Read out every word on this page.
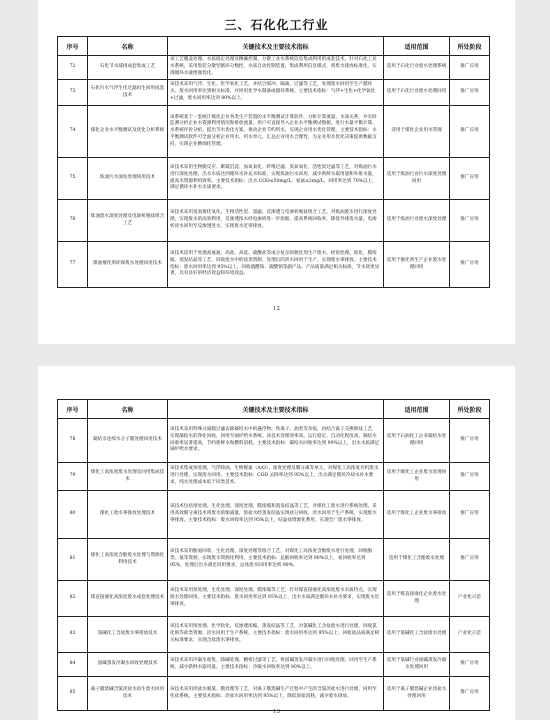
三、石化化工行业
序号	名称	关键技术及主要技术指标	适用范围	所处阶段
72	石化节水减排成套集成工艺	该工艺覆盖处理、水质稳定处理及精确控制，分散工业水系统信息集成利用的成套技术，针对石化工业水系统，采用集装分散型循环分数控，水质自动控制装置，集成利用信息模式，将废水排放标准化，实现循环水液增强优化。	适用于石化行业废水处理系统	推广应用
73	石化污水气浮生化过滤再生回用成套技术	该技术采用气浮、生化、化学氧化工艺，并结合缓冲、隔离、过滤等工艺，处理废水回用至生产循环水，废水回用率达到相关标准，并回用化学水制备或循环系统。主要技术指标：气浮+生化+化学氧化+过滤，废水回用率达到 80%以上。	适用于石化行业废水处理回用	推广应用
74	煤化企业水平衡测试及优化分析系统	该系统基于一套统计煤化企业各类生产装置的水平衡测试计算软件，分析计算流量、水质关系，并实时监测分析企业水资源利用情况和排放流量。用户可直接导入企业水平衡测试数据，进行水量平衡计算、水系统评价分析，提出节水优化方案，推动企业节约用水，实现企业用水优化管理。主要技术指标：水平衡测试软件可全面分析企业用水、用水单元，汇总企业用水合理性，为企业用水优化决策提供数据支持，实现企业精细化管理。	适用于煤化企业用水管理	推广应用
75	炼油污水深度处理回用技术	该技术采用生物膜反应、絮凝沉淀、加氧氧化、纤维过滤、臭氧氧化、活性炭过滤等工艺，对炼油污水进行深度处理，出水水质达到循环水补充水标准，实现炼油污水回用，减少新鲜水取用量和外排水量，提高水资源利用效率。主要技术指标：出水 COD≤50mg/L，氨氮≤2mg/L，回用率达到 70%以上，满足循环水补水水质要求。	适用于炼油行业污水深度处理回用	推广应用
76	炼油废水深度处理及电渗析脱盐组合工艺	该技术采用臭氧催化氧化、生物活性炭、超滤、反渗透与电渗析脱盐组合工艺，对炼油废水进行深度处理，实现废水的高效利用，反渗透浓水经电渗析进一步浓缩，提高系统回收率，降低外排废水量，电渗析淡水回用至反渗透进水，实现废水近零排放。	适用于炼油行业废水深度处理	推广应用
77	煤油催化剂环保废水处理回用技术	该技术适用于处理高氨氮、高盐、高硅、硫酸盐等成分复杂的催化剂生产废水，经预处理、软化、膜浓缩、蒸发结晶等工艺，回收废水中的盐类资源，处理后的淡水回用于生产，实现废水零排放。主要技术指标：废水回用率达到 95%以上，回收硫酸铵、硫酸钠等副产品，产品质量满足相关标准，节水效果显著，具有良好的经济效益和环境效益。	适用于催化剂生产企业废水处理回用	推广应用
12
序号	名称	关键技术及主要技术指标	适用范围	所处阶段
78	凝结水连续水分子膜处理回用技术	该技术采用特殊分离膜过滤去除凝结水中的悬浮物、铁离子、油类等杂质，再结合离子交换除盐工艺，实现凝结水的净化回收，回用至锅炉给水系统。该技术处理效率高、运行稳定、自动化程度高，凝结水回收率显著提高，节约新鲜水和燃料消耗。主要技术指标：凝结水回收率达到 90%以上，出水水质满足锅炉给水要求。	适用于石油化工企业凝结水处理回用	推广应用
79	煤化工高浓度废水处理及回用集成技术	该技术集成预处理、气浮除油、生物脱氮（A/O）、深度处理及膜分离等单元，对煤化工高浓度有机废水进行处理，实现废水回用。主要技术指标：COD 去除率达到 95%以上，出水满足循环冷却水补水要求，吨水处理成本低于同类技术。	适用于煤化工企业废水处理回用	推广应用
80	煤化工废水零排放处理技术	该技术包括预处理、生化处理、深度处理、膜浓缩和蒸发结晶等工艺，对煤化工废水进行系统处理，采用高效膜分离技术将废水浓缩减量，浓盐水经蒸发结晶实现盐分回收，淡水回用于生产系统，实现废水零排放。主要技术指标：废水回收率达到 95%以上，结晶盐资源化利用，实现全厂废水零排放。	适用于煤化工企业废水零排放	推广应用
81	煤化工高浓度含酚废水处理与资源化利用技术	该技术采用酚氨回收、生化处理、深度处理等组合工艺，对煤化工高浓度含酚废水进行处理，回收酚类、氨等资源，实现废水资源化利用。主要技术指标：总酚回收率达到 90%以上，氨回收率达到 95%，处理后出水满足回用要求，总体废水回用率达到 90%。	适用于煤化工含酚废水处理	推广应用
82	煤直接液化高浓度废水成套处理技术	该技术采用预处理、生化处理、深度处理、膜浓缩等工艺，针对煤直接液化高浓度废水水质特点，实现废水处理回用。主要技术指标：废水回用率达到 95%以上，出水水质满足循环水补水要求，实现废水近零排放。	适用于煤直接液化企业废水处理	产业化示范
83	氯碱化工含盐废水零排放技术	该技术采用预处理、化学软化、反渗透浓缩、蒸发结晶等工艺，对氯碱化工含盐废水进行处理，回收氯化钠等盐类资源，淡水回用于生产系统。主要技术指标：废水回用率达到 95%以上，回收盐品质满足相关标准要求，实现含盐废水零排放。	适用于氯碱化工含盐废水处理	产业化示范
84	固碱蒸发冷凝水回收处理技术	该技术采用冷凝水收集、除碱处理、精密过滤等工艺，将固碱蒸发冷凝水进行回收处理，回用至生产系统，减少新鲜水取用量。主要技术指标：冷凝水回收率达到 90%以上。	适用于氯碱行业固碱蒸发冷凝水处理回用	推广应用
85	离子膜烧碱含氯淡盐水再生废水回用技术	该技术采用淡盐水脱氯、膜处理等工艺，对离子膜烧碱生产过程中产生的含氯淡盐水进行处理，回用至化盐系统。主要技术指标：淡盐水回用率达到 95%以上，降低原盐消耗，减少废水排放。	适用于离子膜烧碱企业淡盐水处理回用	推广应用
13
